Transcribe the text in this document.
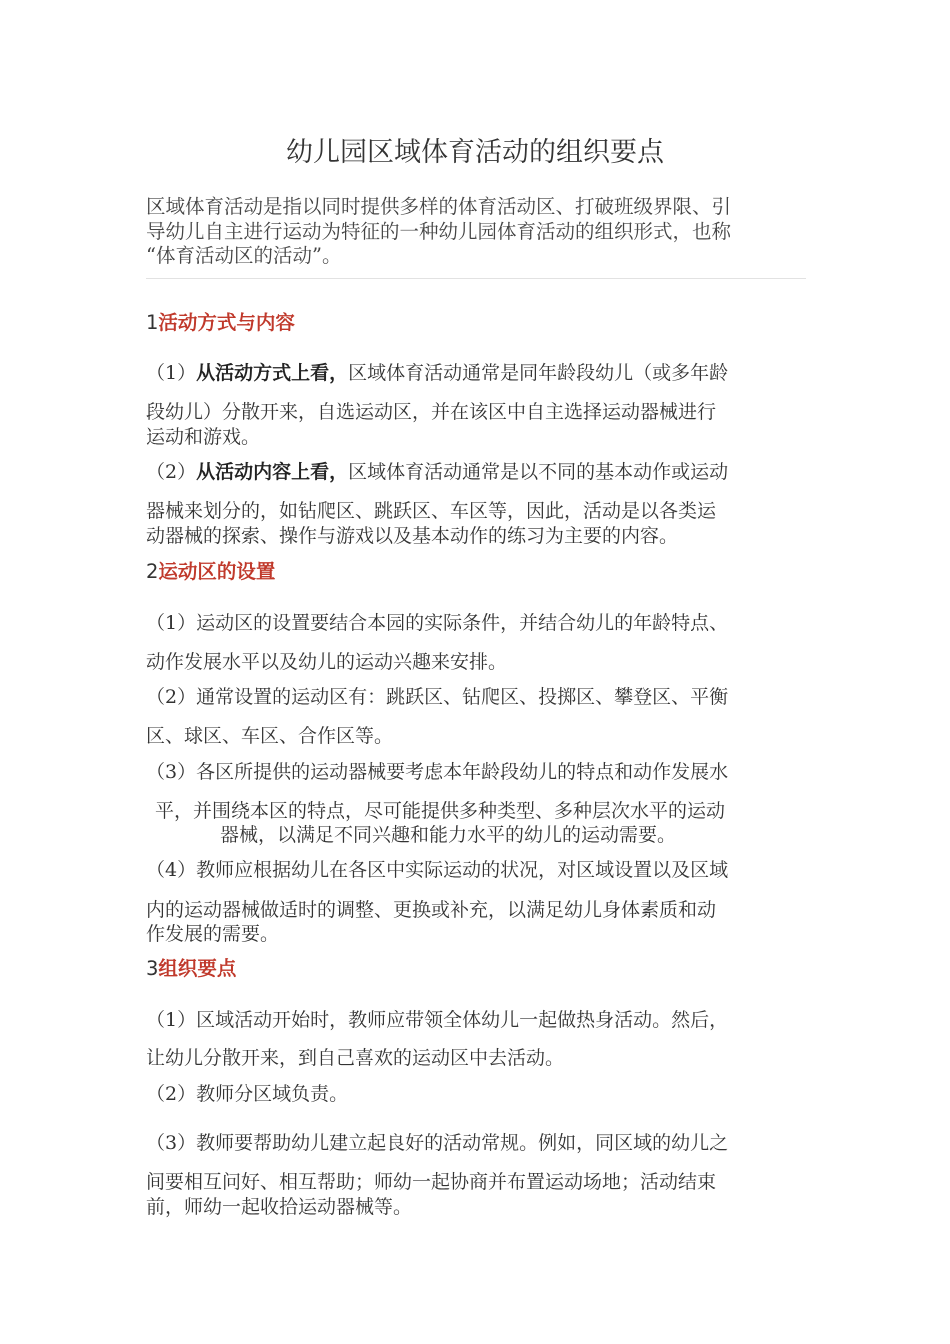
幼儿园区域体育活动的组织要点
区域体育活动是指以同时提供多样的体育活动区、打破班级界限、引
导幼儿自主进行运动为特征的一种幼儿园体育活动的组织形式，也称
“体育活动区的活动”。
1活动方式与内容
（1）从活动方式上看，区域体育活动通常是同年龄段幼儿（或多年龄
段幼儿）分散开来，自选运动区，并在该区中自主选择运动器械进行
运动和游戏。
（2）从活动内容上看，区域体育活动通常是以不同的基本动作或运动
器械来划分的，如钻爬区、跳跃区、车区等，因此，活动是以各类运
动器械的探索、操作与游戏以及基本动作的练习为主要的内容。
2运动区的设置
（1）运动区的设置要结合本园的实际条件，并结合幼儿的年龄特点、
动作发展水平以及幼儿的运动兴趣来安排。
（2）通常设置的运动区有：跳跃区、钻爬区、投掷区、攀登区、平衡
区、球区、车区、合作区等。
（3）各区所提供的运动器械要考虑本年龄段幼儿的特点和动作发展水
平，并围绕本区的特点，尽可能提供多种类型、多种层次水平的运动
器械，以满足不同兴趣和能力水平的幼儿的运动需要。
（4）教师应根据幼儿在各区中实际运动的状况，对区域设置以及区域
内的运动器械做适时的调整、更换或补充，以满足幼儿身体素质和动
作发展的需要。
3组织要点
（1）区域活动开始时，教师应带领全体幼儿一起做热身活动。然后，
让幼儿分散开来，到自己喜欢的运动区中去活动。
（2）教师分区域负责。
（3）教师要帮助幼儿建立起良好的活动常规。例如，同区域的幼儿之
间要相互问好、相互帮助；师幼一起协商并布置运动场地；活动结束
前，师幼一起收拾运动器械等。
